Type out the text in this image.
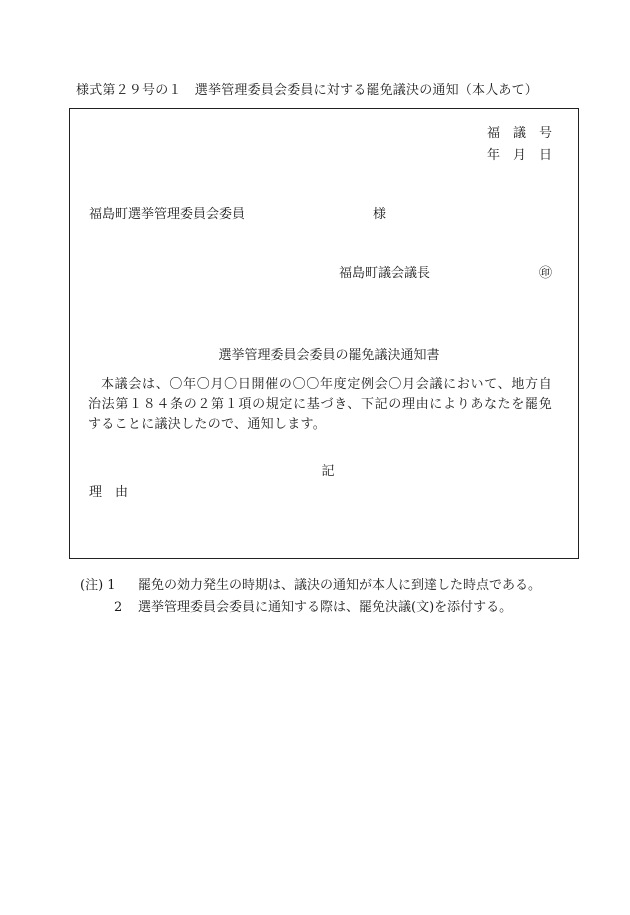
様式第２９号の１　選挙管理委員会委員に対する罷免議決の通知（本人あて）
福　議　号
年　月　日
福島町選挙管理委員会委員	様
福島町議会議長	㊞
選挙管理委員会委員の罷免議決通知書
本議会は、〇年〇月〇日開催の〇〇年度定例会〇月会議において、地方自治法第１８４条の２第１項の規定に基づき、下記の理由によりあなたを罷免することに議決したので、通知します。
記
理　由
(注) 1 罷免の効力発生の時期は、議決の通知が本人に到達した時点である。
2 選挙管理委員会委員に通知する際は、罷免決議(文)を添付する。
